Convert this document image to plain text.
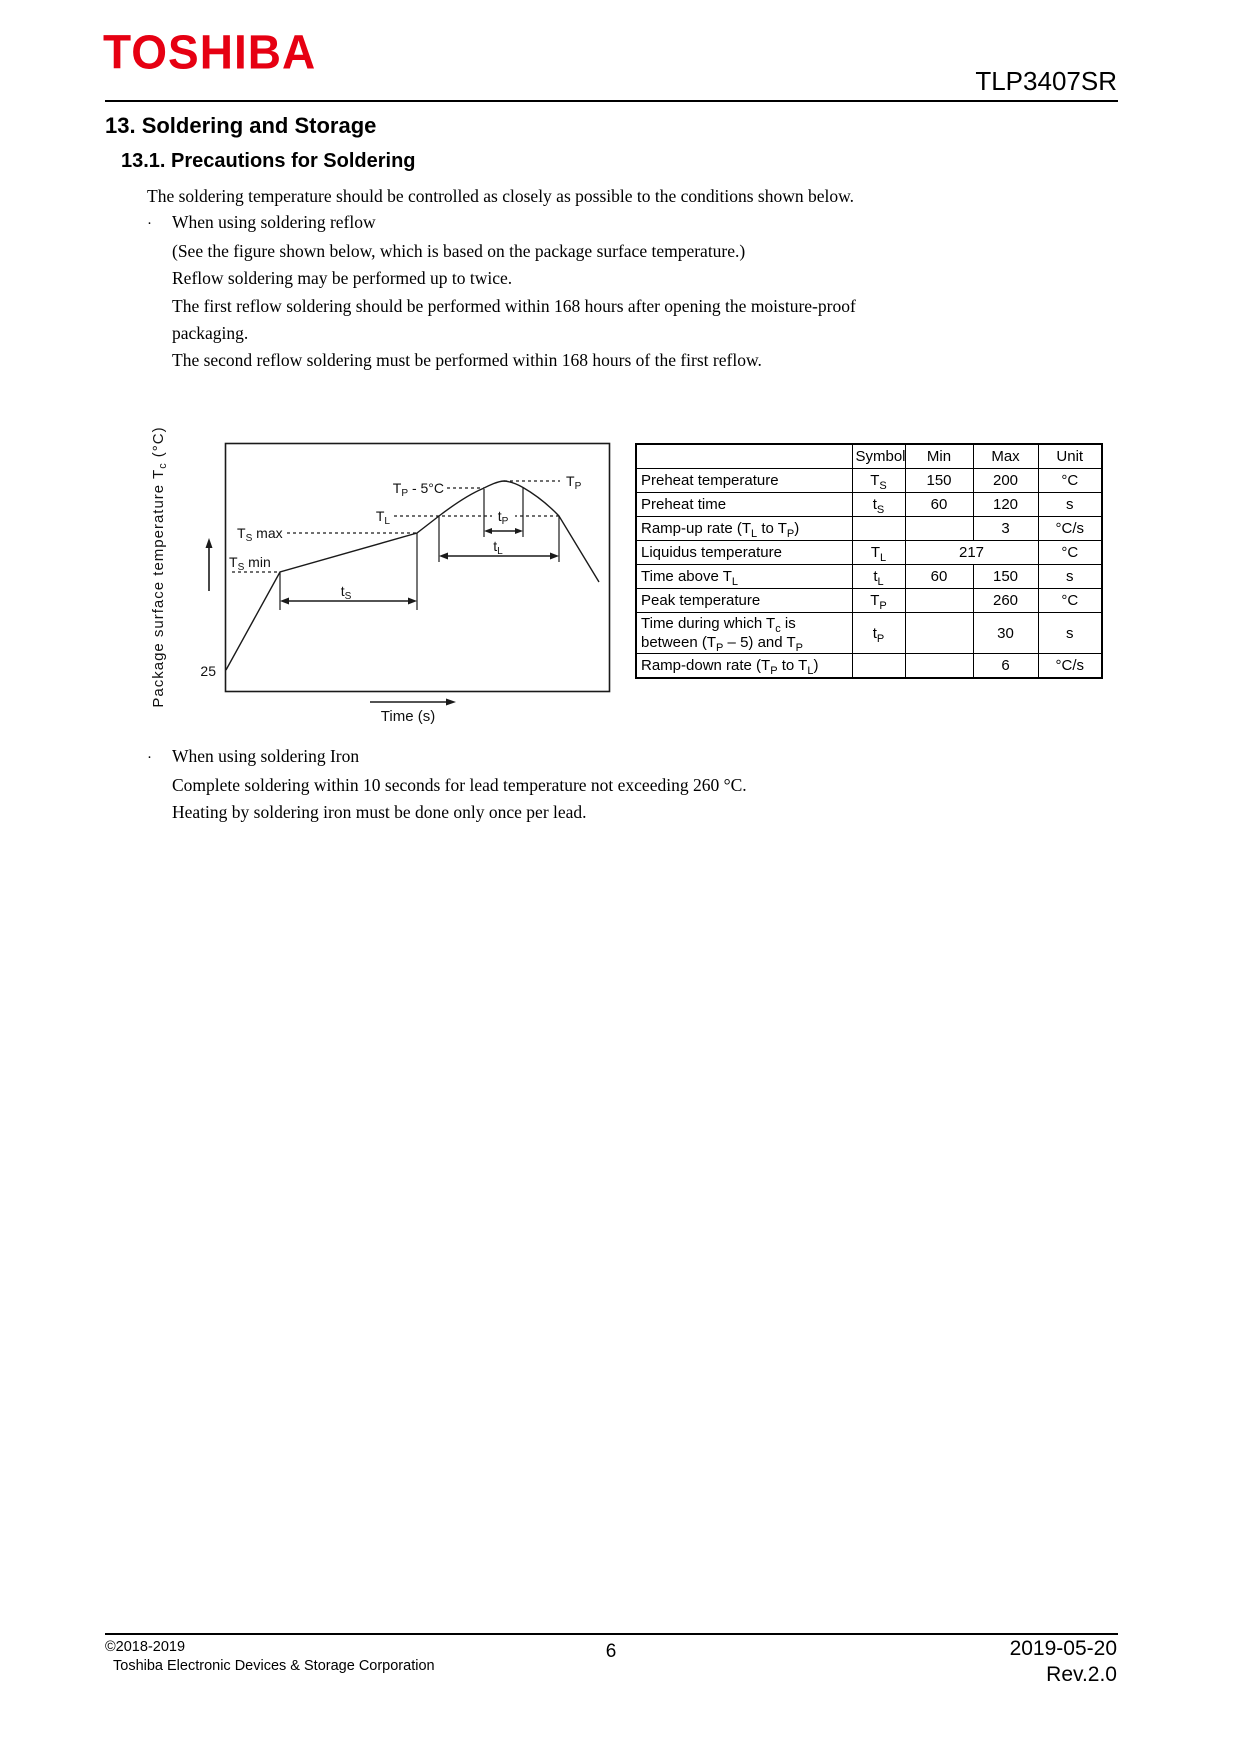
TOSHIBA
TLP3407SR
13. Soldering and Storage
13.1. Precautions for Soldering
The soldering temperature should be controlled as closely as possible to the conditions shown below.
· When using soldering reflow
(See the figure shown below, which is based on the package surface temperature.)
Reflow soldering may be performed up to twice.
The first reflow soldering should be performed within 168 hours after opening the moisture-proof
packaging.
The second reflow soldering must be performed within 168 hours of the first reflow.
25
$T_S$ max
$T_S$ min
$t_S$
$T_L$	$t_P$
$t_L$
$T_P - 5^\circ C$	$T_P$
Time (s)
Package surface temperature $T_c$ (°C)
		Symbol	Min	Max	Unit
Preheat temperature	$T_S$	150	200	°C
Preheat time	$t_S$	60	120	s
Ramp-up rate ($T_L$ to $T_P$)			3	°C/s
Liquidus temperature	$T_L$	217		°C
Time above $T_L$	$t_L$	60	150	s
Peak temperature	$T_P$		260	°C
Time during which $T_c$ is between $(T_P - 5)$ and $T_P$	$t_P$		30	s
Ramp-down rate ($T_P$ to $T_L$)			6	°C/s
· When using soldering Iron
Complete soldering within 10 seconds for lead temperature not exceeding 260 °C.
Heating by soldering iron must be done only once per lead.
©2018-2019
Toshiba Electronic Devices & Storage Corporation
6	2019-05-20
Rev.2.0
